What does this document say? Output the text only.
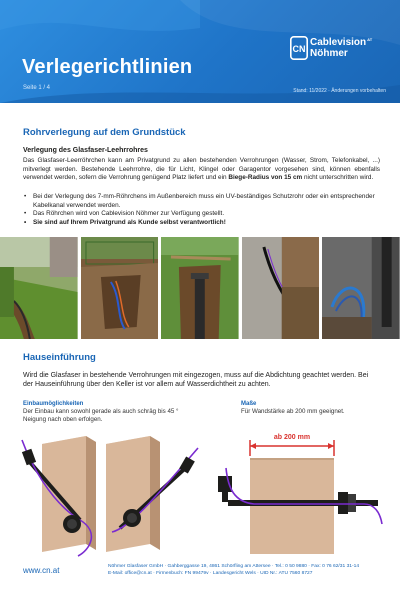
CN
Cablevision$^{AT}$
Nöhmer
Verlegerichtlinien
Seite 1 / 4	Stand: 11/2022 · Änderungen vorbehalten
Rohrverlegung auf dem Grundstück
Verlegung des Glasfaser-Leehrrohres
Das Glasfaser-Leerröhrchen kann am Privatgrund zu allen bestehenden Verrohrungen (Wasser, Strom, Telefonkabel, ...) mitverlegt werden. Bestehende Leehrrohre, die für Licht, Klingel oder Garagentor vorgesehen sind, können ebenfalls verwendet werden, sofern die Verrohrung genügend Platz liefert und ein Biege-Radius von 15 cm nicht unterschritten wird.
• Bei der Verlegung des 7-mm-Röhrchens im Außenbereich muss ein UV-beständiges Schutzrohr oder ein entsprechender Kabelkanal verwendet werden.
• Das Röhrchen wird von Cablevision Nöhmer zur Verfügung gestellt.
• Sie sind auf Ihrem Privatgrund als Kunde selbst verantwortlich!
Hauseinführung
Wird die Glasfaser in bestehende Verrohrungen mit eingezogen, muss auf die Abdichtung geachtet werden. Bei der Hauseinführung über den Keller ist vor allem auf Wasserdichtheit zu achten.
Einbaumöglichkeiten
Der Einbau kann sowohl gerade als auch schräg bis 45 ° Neigung nach oben erfolgen.
Maße
Für Wandstärke ab 200 mm geeignet.
ab 200 mm
www.cn.at	Nöhmer Glasfaser GmbH · Gahberggasse 19, 4861 Schörfling am Attersee · Tel.: 0 50 9880 · Fax: 0 76 62/31 31-14
E-Mail: office@cn.at · Firmenbuch: FN 99479v · Landesgericht Wels · UID Nr.: ATU 7560 8727
